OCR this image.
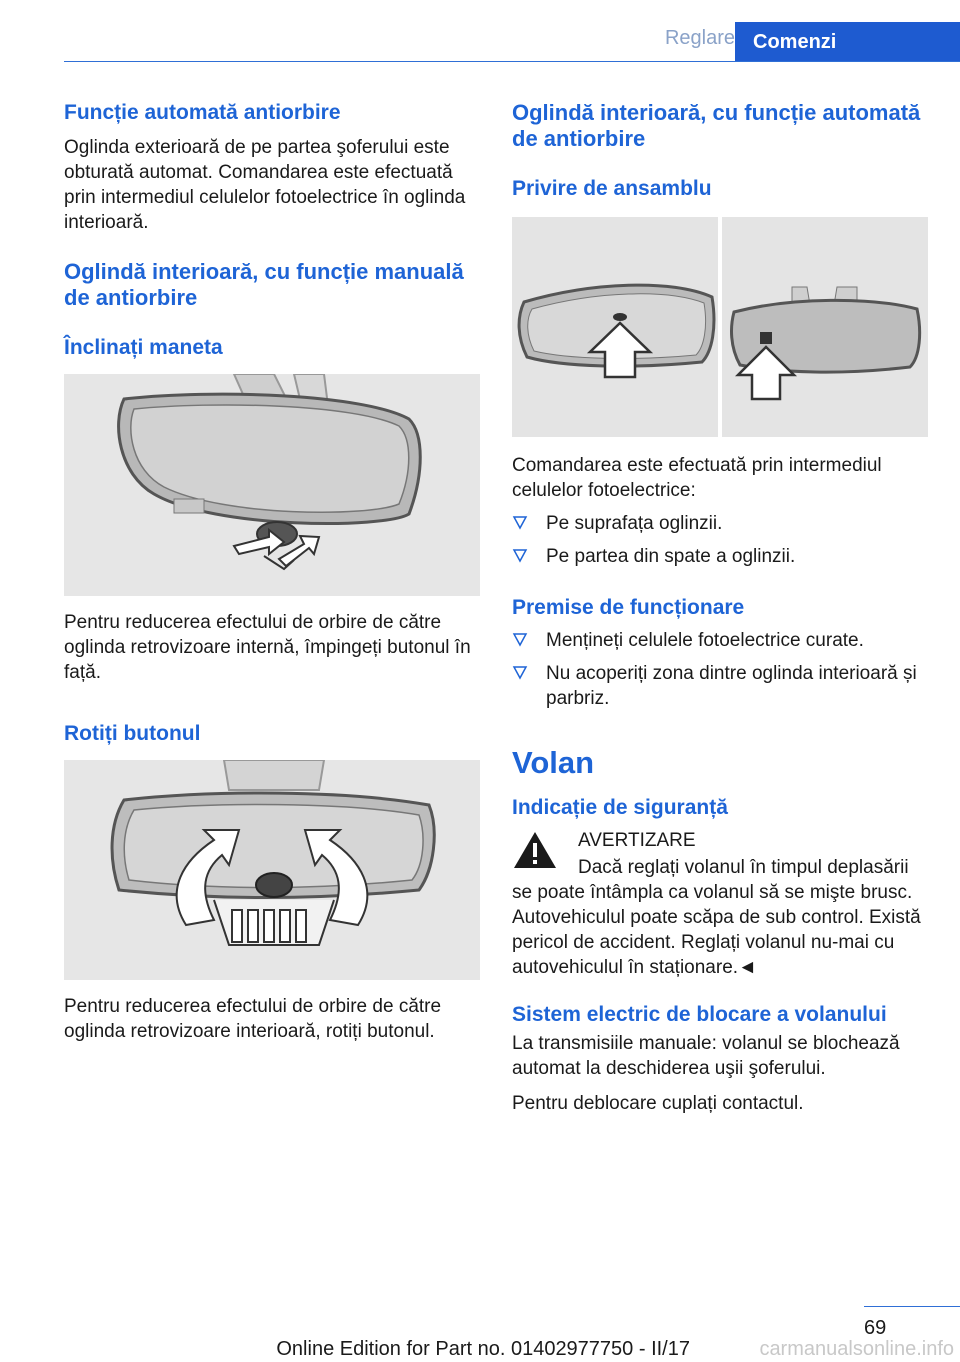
Reglare Comenzi
Funcție automată antiorbire

Oglinda exterioară de pe partea şoferului este obturată automat. Comandarea este efectuată prin intermediul celulelor fotoelectrice în oglinda interioară.

Oglindă interioară, cu funcție manuală de antiorbire
Înclinați maneta

Pentru reducerea efectului de orbire de către oglinda retrovizoare internă, împingeți butonul în față.

Rotiți butonul

Pentru reducerea efectului de orbire de către oglinda retrovizoare interioară, rotiți butonul.

Oglindă interioară, cu funcție automată de antiorbire
Privire de ansamblu

Comandarea este efectuată prin intermediul celulelor fotoelectrice:

Pe suprafața oglinzii.
Pe partea din spate a oglinzii.
Premise de funcționare
Mențineți celulele fotoelectrice curate.
Nu acoperiți zona dintre oglinda interioară și parbriz.
Volan
Indicație de siguranță
AVERTIZARE
Dacă reglați volanul în timpul deplasării se poate întâmpla ca volanul să se mişte brusc. Autovehiculul poate scăpa de sub control. Există pericol de accident. Reglați volanul nu‐mai cu autovehiculul în staționare.◄
Sistem electric de blocare a volanului

La transmisiile manuale: volanul se blochează automat la deschiderea uşii şoferului.

Pentru deblocare cuplați contactul.

69
Online Edition for Part no. 01402977750 - II/17	carmanualsonline.info
